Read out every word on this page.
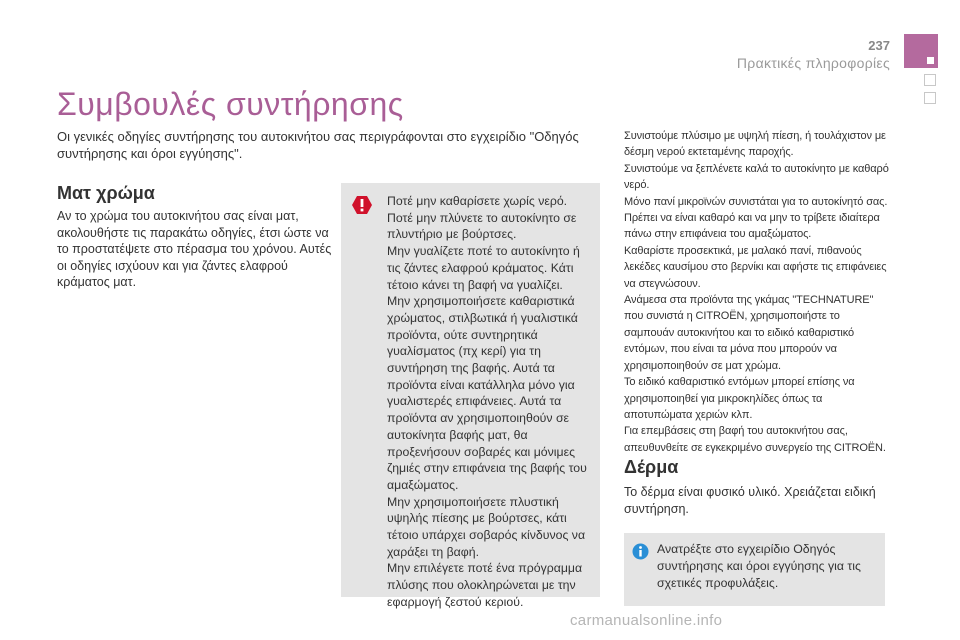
237
Πρακτικές πληροφορίες
Συμβουλές συντήρησης

Οι γενικές οδηγίες συντήρησης του αυτοκινήτου σας περιγράφονται στο εγχειρίδιο "Οδηγός συντήρησης και όροι εγγύησης".

Ματ χρώμα

Αν το χρώμα του αυτοκινήτου σας είναι ματ, ακολουθήστε τις παρακάτω οδηγίες, έτσι ώστε να το προστατέψετε στο πέρασμα του χρόνου. Αυτές οι οδηγίες ισχύουν και για ζάντες ελαφρού κράματος ματ.

Ποτέ μην καθαρίσετε χωρίς νερό.
Ποτέ μην πλύνετε το αυτοκίνητο σε πλυντήριο με βούρτσες.
Μην γυαλίζετε ποτέ το αυτοκίνητο ή τις ζάντες ελαφρού κράματος. Κάτι τέτοιο κάνει τη βαφή να γυαλίζει.
Μην χρησιμοποιήσετε καθαριστικά χρώματος, στιλβωτικά ή γυαλιστικά προϊόντα, ούτε συντηρητικά γυαλίσματος (πχ κερί) για τη συντήρηση της βαφής. Αυτά τα προϊόντα είναι κατάλληλα μόνο για γυαλιστερές επιφάνειες. Αυτά τα προϊόντα αν χρησιμοποιηθούν σε αυτοκίνητα βαφής ματ, θα προξενήσουν σοβαρές και μόνιμες ζημιές στην επιφάνεια της βαφής του αμαξώματος.
Μην χρησιμοποιήσετε πλυστική υψηλής πίεσης με βούρτσες, κάτι τέτοιο υπάρχει σοβαρός κίνδυνος να χαράξει τη βαφή.
Μην επιλέγετε ποτέ ένα πρόγραμμα πλύσης που ολοκληρώνεται με την εφαρμογή ζεστού κεριού.
Συνιστούμε πλύσιμο με υψηλή πίεση, ή τουλάχιστον με δέσμη νερού εκτεταμένης παροχής.
Συνιστούμε να ξεπλένετε καλά το αυτοκίνητο με καθαρό νερό.
Μόνο πανί μικροϊνών συνιστάται για το αυτοκίνητό σας. Πρέπει να είναι καθαρό και να μην το τρίβετε ιδιαίτερα πάνω στην επιφάνεια του αμαξώματος.
Καθαρίστε προσεκτικά, με μαλακό πανί, πιθανούς λεκέδες καυσίμου στο βερνίκι και αφήστε τις επιφάνειες να στεγνώσουν.
Ανάμεσα στα προϊόντα της γκάμας "TECHNATURE" που συνιστά η CITROËN, χρησιμοποιήστε το σαμπουάν αυτοκινήτου και το ειδικό καθαριστικό εντόμων, που είναι τα μόνα που μπορούν να χρησιμοποιηθούν σε ματ χρώμα.
Το ειδικό καθαριστικό εντόμων μπορεί επίσης να χρησιμοποιηθεί για μικροκηλίδες όπως τα αποτυπώματα χεριών κλπ.
Για επεμβάσεις στη βαφή του αυτοκινήτου σας, απευθυνθείτε σε εγκεκριμένο συνεργείο της CITROËN.
Δέρμα

Το δέρμα είναι φυσικό υλικό. Χρειάζεται ειδική συντήρηση.

Ανατρέξτε στο εγχειρίδιο Οδηγός συντήρησης και όροι εγγύησης για τις σχετικές προφυλάξεις.

carmanualsonline.info
